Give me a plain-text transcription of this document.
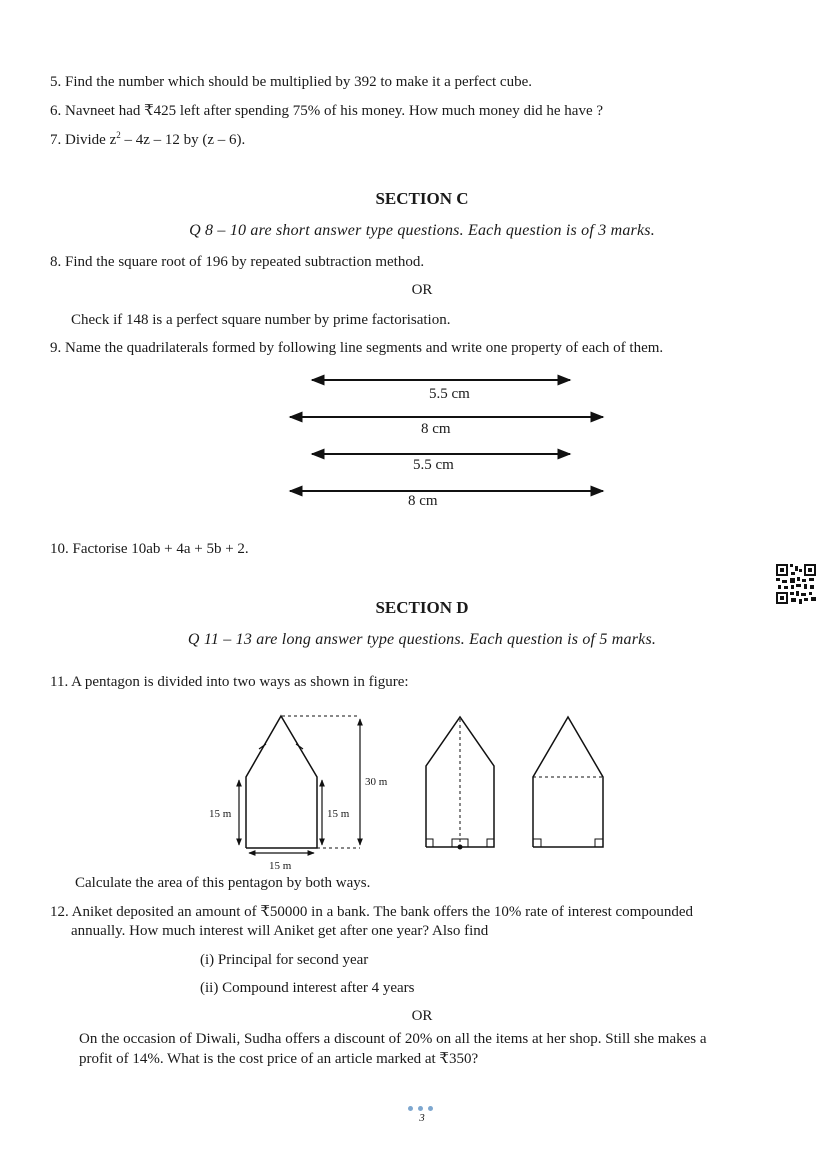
5. Find the number which should be multiplied by 392 to make it a perfect cube.
6. Navneet had ₹425 left after spending 75% of his money. How much money did he have ?
7. Divide $z^2 - 4z - 12$ by (z – 6).
SECTION C
Q 8 – 10 are short answer type questions. Each question is of 3 marks.
8. Find the square root of 196 by repeated subtraction method.
OR
Check if 148 is a perfect square number by prime factorisation.
9. Name the quadrilaterals formed by following line segments and write one property of each of them.
5.5 cm
8 cm
5.5 cm
8 cm
10. Factorise 10ab + 4a + 5b + 2.
SECTION D
Q 11 – 13 are long answer type questions. Each question is of 5 marks.
11. A pentagon is divided into two ways as shown in figure:
15 m	15 m
30 m
15 m
Calculate the area of this pentagon by both ways.
12. Aniket deposited an amount of ₹50000 in a bank. The bank offers the 10% rate of interest compounded
annually. How much interest will Aniket get after one year? Also find
(i) Principal for second year
(ii) Compound interest after 4 years
OR
On the occasion of Diwali, Sudha offers a discount of 20% on all the items at her shop. Still she makes a
profit of 14%. What is the cost price of an article marked at ₹350?
3
